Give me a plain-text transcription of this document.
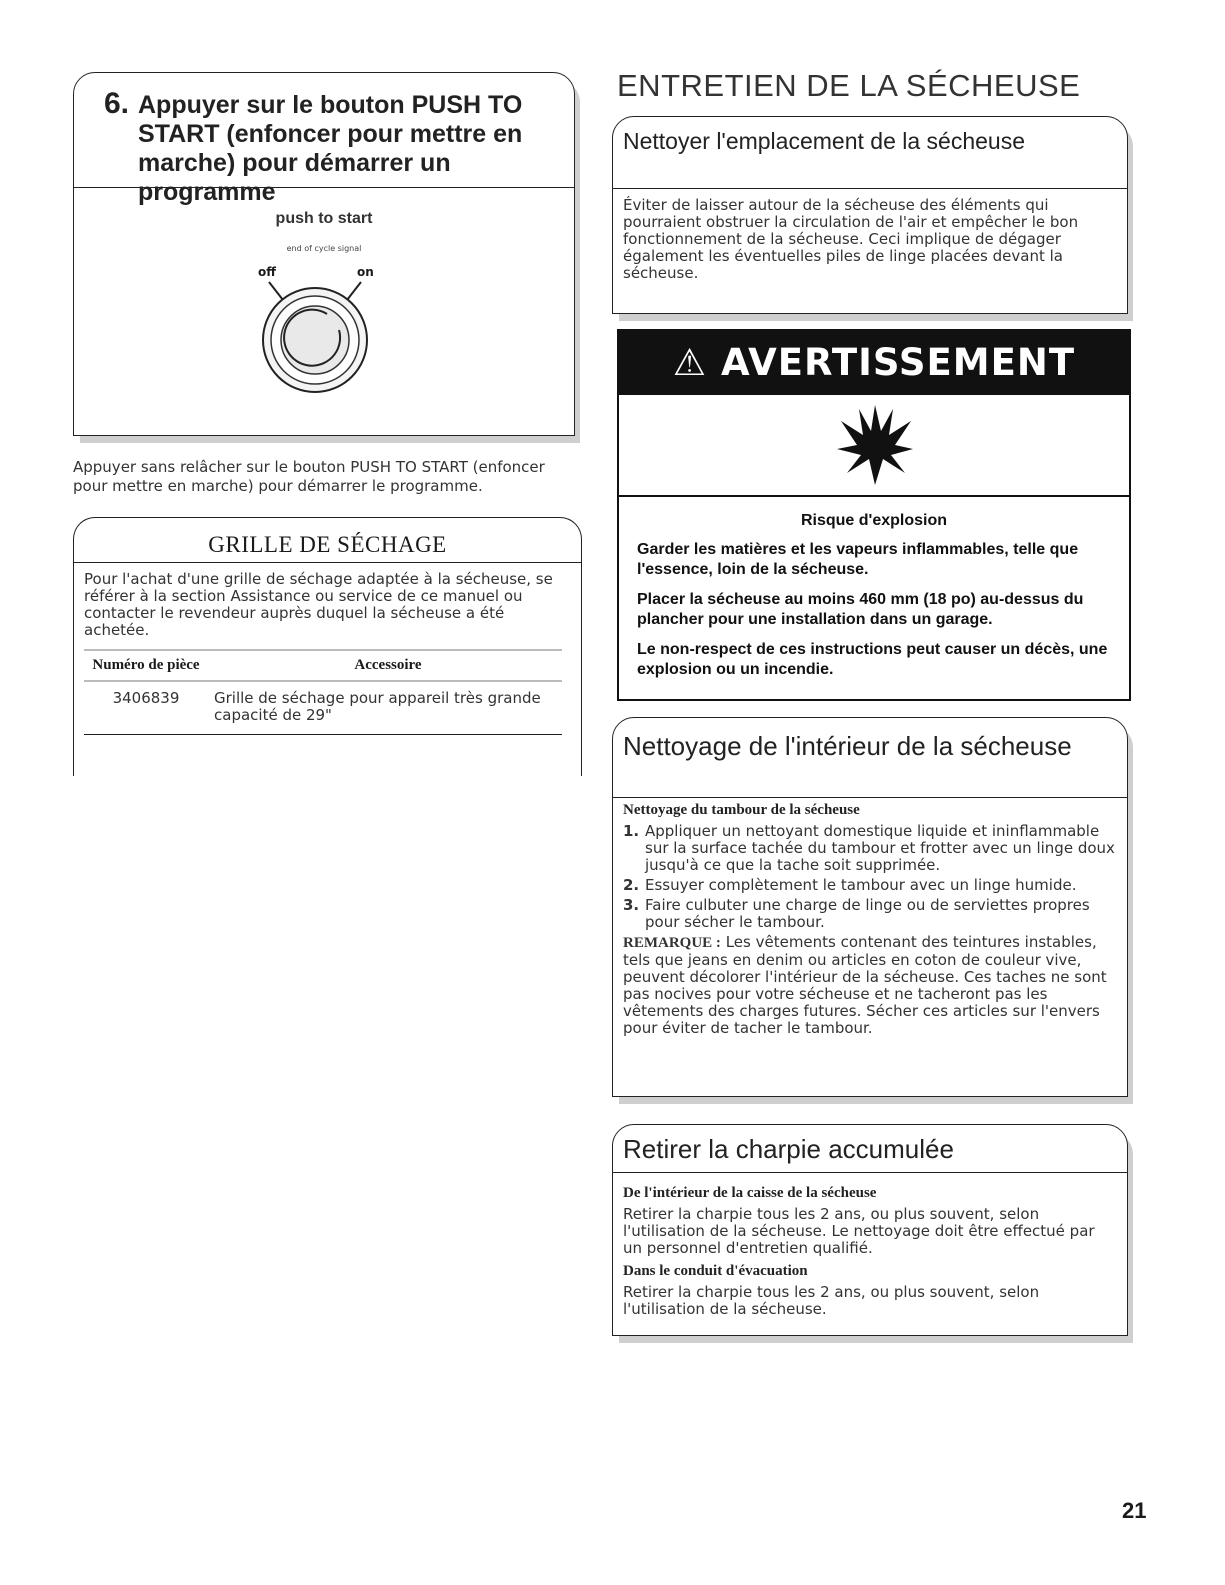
6. Appuyer sur le bouton PUSH TO START (enfoncer pour mettre en marche) pour démarrer un programme
push to start
end of cycle signal
off	on
Appuyer sans relâcher sur le bouton PUSH TO START (enfoncer pour mettre en marche) pour démarrer le programme.
GRILLE DE SÉCHAGE
Pour l'achat d'une grille de séchage adaptée à la sécheuse, se référer à la section Assistance ou service de ce manuel ou contacter le revendeur auprès duquel la sécheuse a été achetée.
Numéro de pièce	Accessoire
3406839	Grille de séchage pour appareil très grande capacité de 29"
ENTRETIEN DE LA SÉCHEUSE
Nettoyer l'emplacement de la sécheuse
Éviter de laisser autour de la sécheuse des éléments qui pourraient obstruer la circulation de l'air et empêcher le bon fonctionnement de la sécheuse. Ceci implique de dégager également les éventuelles piles de linge placées devant la sécheuse.
⚠ AVERTISSEMENT
Risque d'explosion

Garder les matières et les vapeurs inflammables, telle que l'essence, loin de la sécheuse.

Placer la sécheuse au moins 460 mm (18 po) au-dessus du plancher pour une installation dans un garage.

Le non-respect de ces instructions peut causer un décès, une explosion ou un incendie.

Nettoyage de l'intérieur de la sécheuse
Nettoyage du tambour de la sécheuse
1. Appliquer un nettoyant domestique liquide et ininflammable sur la surface tachée du tambour et frotter avec un linge doux jusqu'à ce que la tache soit supprimée.
2. Essuyer complètement le tambour avec un linge humide.
3. Faire culbuter une charge de linge ou de serviettes propres pour sécher le tambour.
REMARQUE : Les vêtements contenant des teintures instables, tels que jeans en denim ou articles en coton de couleur vive, peuvent décolorer l'intérieur de la sécheuse. Ces taches ne sont pas nocives pour votre sécheuse et ne tacheront pas les vêtements des charges futures. Sécher ces articles sur l'envers pour éviter de tacher le tambour.
Retirer la charpie accumulée
De l'intérieur de la caisse de la sécheuse
Retirer la charpie tous les 2 ans, ou plus souvent, selon l'utilisation de la sécheuse. Le nettoyage doit être effectué par un personnel d'entretien qualifié.
Dans le conduit d'évacuation
Retirer la charpie tous les 2 ans, ou plus souvent, selon l'utilisation de la sécheuse.
21
